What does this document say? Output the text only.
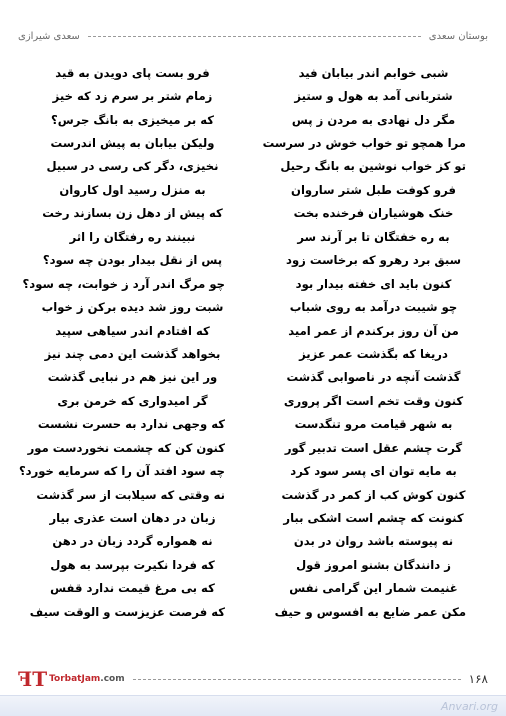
بوستان سعدی
سعدی شیرازی
شبی خوابم اندر بیابان فید
فرو بست پای دویدن به قید
شتربانی آمد به هول و ستیز
زمام شتر بر سرم زد که خیز
مگر دل نهادی به مردن ز پس
که بر میخیزی به بانگ جرس؟
مرا همچو تو خواب خوش در سرست
ولیکن بیابان به پیش اندرست
تو کز خواب نوشین به بانگ رحیل
نخیزی، دگر کی رسی در سبیل
فرو کوفت طبل شتر ساروان
به منزل رسید اول کاروان
خنک هوشیاران فرخنده بخت
که پیش از دهل زن بسازند رخت
به ره خفتگان تا بر آرند سر
نبینند ره رفتگان را اثر
سبق برد رهرو که برخاست زود
پس از نقل بیدار بودن چه سود؟
کنون باید ای خفته بیدار بود
چو مرگ اندر آرد ز خوابت، چه سود؟
چو شیبت درآمد به روی شباب
شبت روز شد دیده برکن ز خواب
من آن روز برکندم از عمر امید
که افتادم اندر سیاهی سپید
دریغا که بگذشت عمر عزیز
بخواهد گذشت این دمی چند نیز
گذشت آنچه در ناصوابی گذشت
ور این نیز هم در نبایی گذشت
کنون وقت تخم است اگر پروری
گر امیدواری که خرمن بری
به شهر قیامت مرو تنگدست
که وجهی ندارد به حسرت نشست
گرت چشم عقل است تدبیر گور
کنون کن که چشمت نخوردست مور
به مایه توان ای پسر سود کرد
چه سود افتد آن را که سرمایه خورد؟
کنون کوش کب از کمر در گذشت
نه وقتی که سیلابت از سر گذشت
کنونت که چشم است اشکی ببار
زبان در دهان است عذری بیار
نه پیوسته باشد روان در بدن
نه همواره گردد زبان در دهن
ز دانندگان بشنو امروز قول
که فردا نکیرت بپرسد به هول
غنیمت شمار این گرامی نفس
که بی مرغ قیمت ندارد قفس
مکن عمر ضایع به افسوس و حیف
که فرصت عزیزست و الوقت سیف
ꟻT TorbatJam.com	۱۶۸
Anvari.org
